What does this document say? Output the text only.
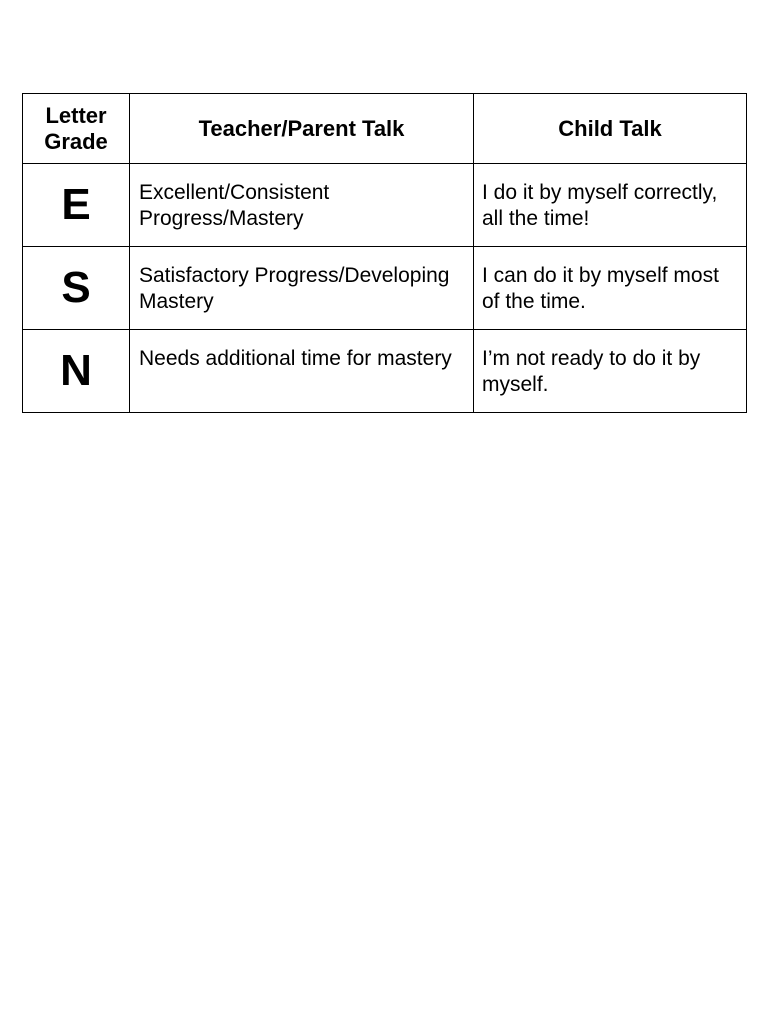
Letter
Grade	Teacher/Parent Talk	Child Talk
E	Excellent/Consistent Progress/Mastery	I do it by myself correctly, all the time!
S	Satisfactory Progress/Developing Mastery	I can do it by myself most of the time.
N	Needs additional time for mastery	I’m not ready to do it by myself.
